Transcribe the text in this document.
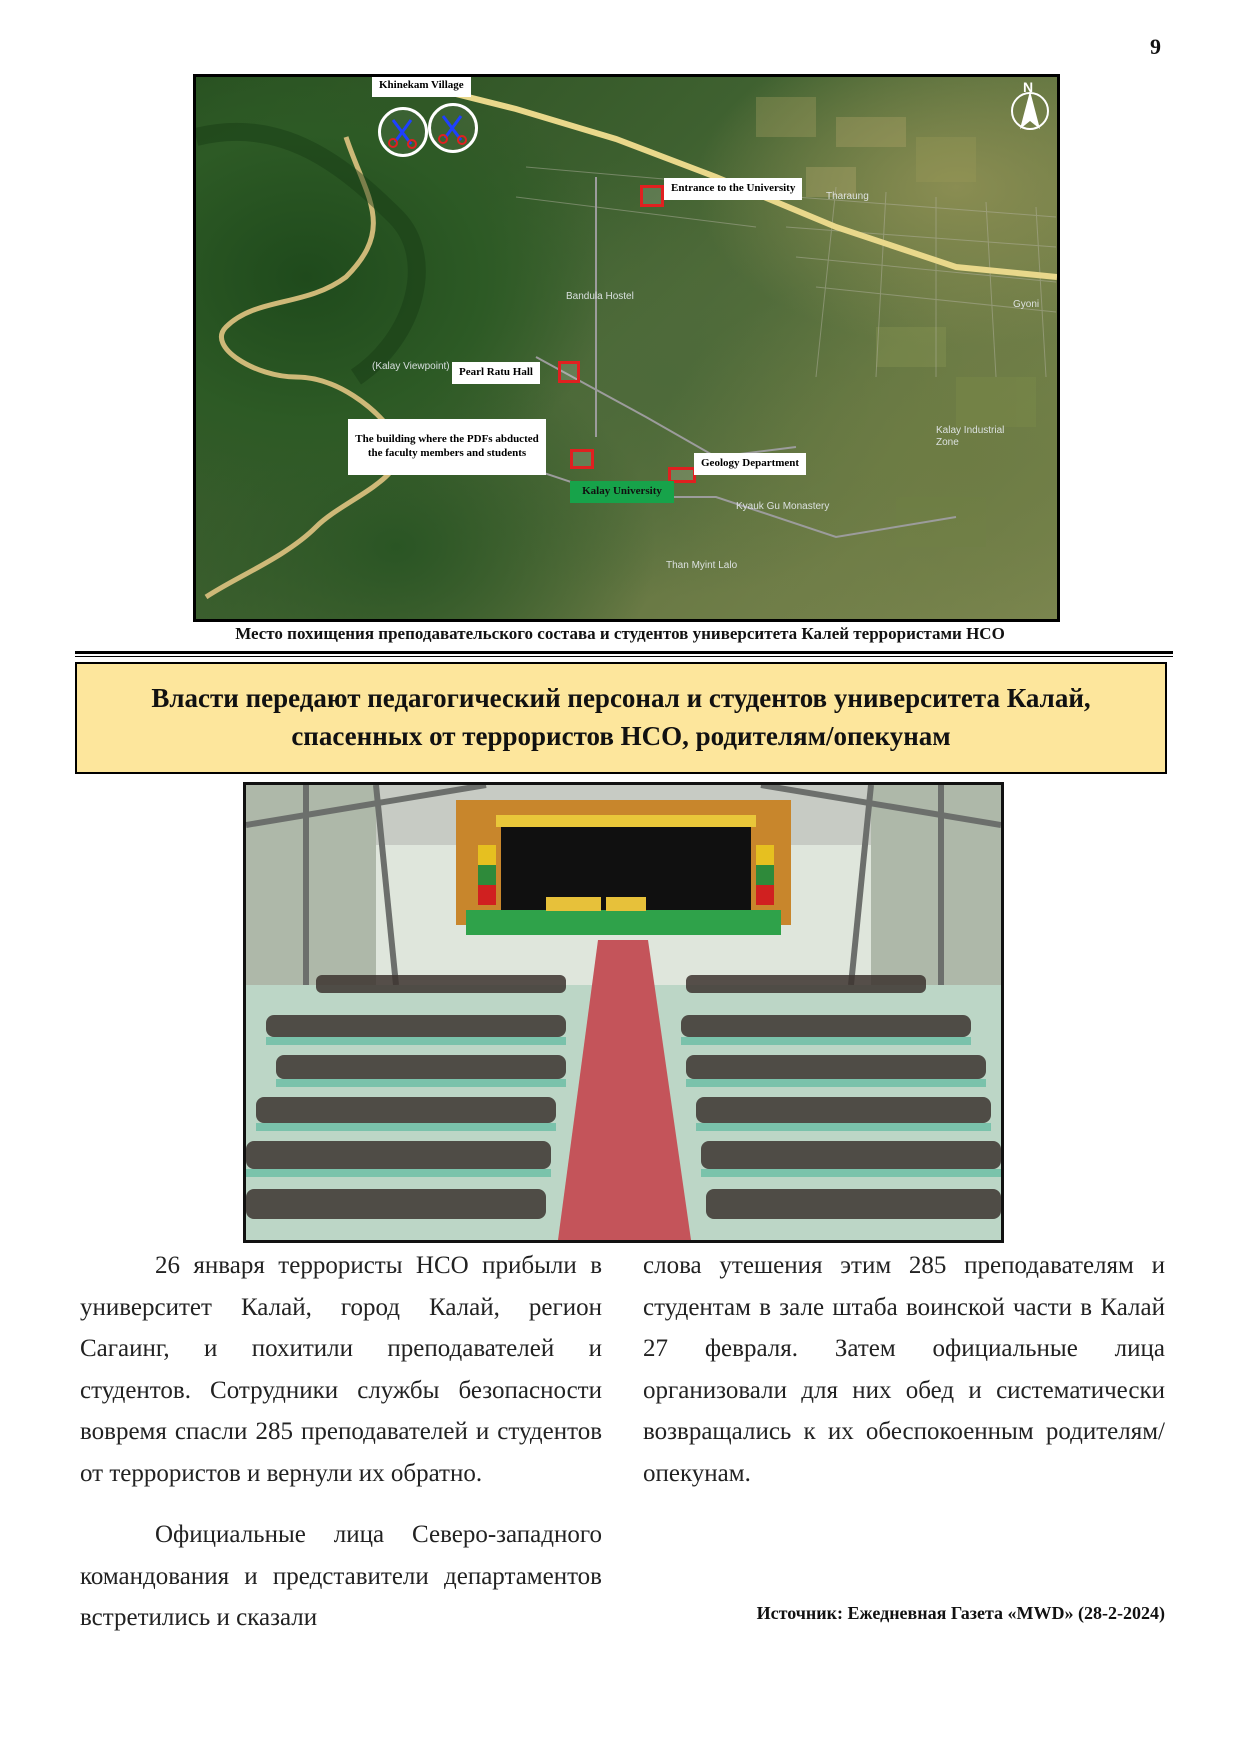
9
Khinekam Village
Entrance to the University
Bandula Hostel
(Kalay Viewpoint)
Kalay Industrial Zone
Kyauk Gu Monastery
Than Myint Lalo
Gyoni
Tharaung
Pearl Ratu Hall
The building where the PDFs abducted the faculty members and students
Geology Department
Kalay University
N
Место похищения преподавательского состава и студентов университета Калей террористами НСО
Власти передают педагогический персонал и студентов университета Калай, спасенных от террористов НСО, родителям/опекунам

26 января террористы НСО прибыли в университет Калай, город Калай, регион Сагаинг, и похитили преподавателей и студентов. Сотрудники службы безопасности вовремя спасли 285 преподавателей и студентов от террористов и вернули их обратно.

Официальные лица Северо-западного командования и представители департаментов встретились и сказали

слова утешения этим 285 преподавателям и студентам в зале штаба воинской части в Калай 27 февраля. Затем официальные лица организовали для них обед и систематически возвращались к их обеспокоенным родителям/опекунам.

Источник: Ежедневная Газета «MWD» (28-2-2024)
